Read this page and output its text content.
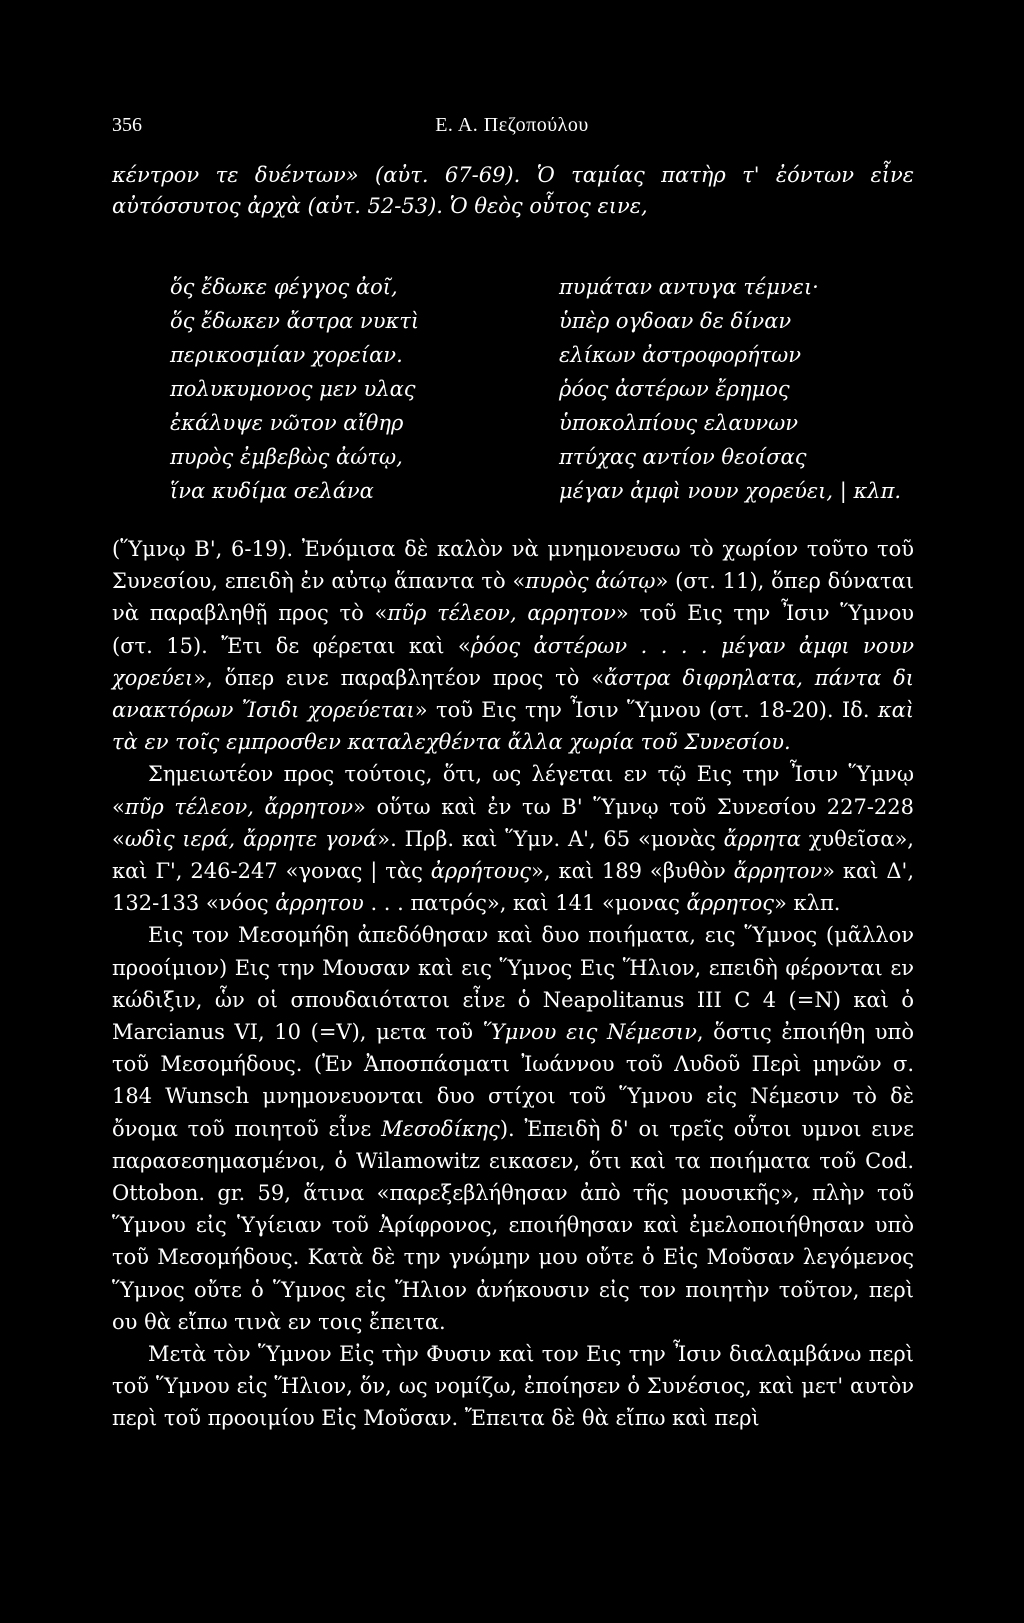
356	Ε. Α. Πεζοπούλου

κέντρον τε δυέντων» (αὐτ. 67-69). Ὁ ταμίας πατὴρ τ' ἐόντων εἶνε αὐτόσσυτος ἀρχὰ (αὐτ. 52-53). Ὁ θεὸς οὗτος εινε,

ὅς ἔδωκε φέγγος ἀοῖ,
ὅς ἔδωκεν ἄστρα νυκτὶ
περικοσμίαν χορείαν.
πολυκυμονος μεν υλας
ἐκάλυψε νῶτον αἴθηρ
πυρὸς ἐμβεβὼς ἀώτῳ,
ἵνα κυδίμα σελάνα
πυμάταν αντυγα τέμνει·
ὑπὲρ ογδοαν δε δίναν
ελίκων ἀστροφορήτων
ῥόος ἀστέρων ἔρημος
ὑποκολπίους ελαυνων
πτύχας αντίον θεοίσας
μέγαν ἀμφὶ νουν χορεύει, | κλπ.

(Ὕμνῳ Β', 6-19). Ἐνόμισα δὲ καλὸν νὰ μνημονευσω τὸ χωρίον τοῦτο τοῦ Συνεσίου, επειδὴ ἐν αὐτῳ ἅπαντα τὸ «πυρὸς ἀώτῳ» (στ. 11), ὅπερ δύναται νὰ παραβληθῇ προς τὸ «πῦρ τέλεον, αρρητον» τοῦ Εις την Ἶσιν Ὕμνου (στ. 15). Ἔτι δε φέρεται καὶ «ῥόος ἀστέρων . . . . μέγαν ἀμφι νουν χορεύει», ὅπερ εινε παραβλητέον προς τὸ «ἄστρα διφρηλατα, πάντα δι ανακτόρων Ἴσιδι χορεύεται» τοῦ Εις την Ἶσιν Ὕμνου (στ. 18-20). Ιδ. καὶ τὰ εν τοῖς εμπροσθεν καταλεχθέντα ἄλλα χωρία τοῦ Συνεσίου.

Σημειωτέον προς τούτοις, ὅτι, ως λέγεται εν τῷ Εις την Ἶσιν Ὕμνῳ «πῦρ τέλεον, ἄρρητον» οὕτω καὶ ἐν τω Β' Ὕμνῳ τοῦ Συνεσίου 227-228 «ωδὶς ιερά, ἄρρητε γονά». Πρβ. καὶ Ὕμν. Α', 65 «μονὰς ἄρρητα χυθεῖσα», καὶ Γ', 246-247 «γονας | τὰς ἀρρήτους», καὶ 189 «βυθὸν ἄρρητον» καὶ Δ', 132-133 «νόος ἀρρητου . . . πατρός», καὶ 141 «μονας ἄρρητος» κλπ.

Εις τον Μεσομήδη ἀπεδόθησαν καὶ δυο ποιήματα, εις Ὕμνος (μᾶλλον προοίμιον) Εις την Μουσαν καὶ εις Ὕμνος Εις Ἥλιον, επειδὴ φέρονται εν κώδιξιν, ὧν οἱ σπουδαιότατοι εἶνε ὁ Neapolitanus III C 4 (=N) καὶ ὁ Marcianus VI, 10 (=V), μετα τοῦ Ὕμνου εις Νέμεσιν, ὅστις ἐποιήθη υπὸ τοῦ Μεσομήδους. (Ἐν Ἀποσπάσματι Ἰωάννου τοῦ Λυδοῦ Περὶ μηνῶν σ. 184 Wunsch μνημονευονται δυο στίχοι τοῦ Ὕμνου εἰς Νέμεσιν τὸ δὲ ὄνομα τοῦ ποιητοῦ εἶνε Μεσοδίκης). Ἐπειδὴ δ' οι τρεῖς οὗτοι υμνοι εινε παρασεσημασμένοι, ὁ Wilamowitz εικασεν, ὅτι καὶ τα ποιήματα τοῦ Cod. Ottobon. gr. 59, ἅτινα «παρεξεβλήθησαν ἀπὸ τῆς μουσικῆς», πλὴν τοῦ Ὕμνου εἰς Ὑγίειαν τοῦ Ἀρίφρονος, εποιήθησαν καὶ ἐμελοποιήθησαν υπὸ τοῦ Μεσομήδους. Κατὰ δὲ την γνώμην μου οὔτε ὁ Εἰς Μοῦσαν λεγόμενος Ὕμνος οὔτε ὁ Ὕμνος εἰς Ἥλιον ἀνήκουσιν εἰς τον ποιητὴν τοῦτον, περὶ ου θὰ εἴπω τινὰ εν τοις ἔπειτα.

Μετὰ τὸν Ὕμνον Εἰς τὴν Φυσιν καὶ τον Εις την Ἶσιν διαλαμβάνω περὶ τοῦ Ὕμνου εἰς Ἥλιον, ὅν, ως νομίζω, ἐποίησεν ὁ Συνέσιος, καὶ μετ' αυτὸν περὶ τοῦ προοιμίου Εἰς Μοῦσαν. Ἔπειτα δὲ θὰ εἴπω καὶ περὶ
